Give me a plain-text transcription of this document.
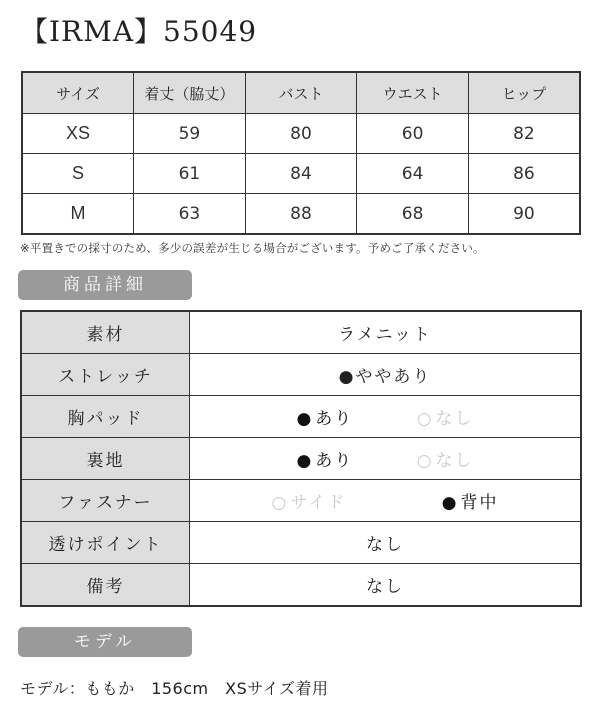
【IRMA】55049
サイズ	着丈（脇丈）	バスト	ウエスト	ヒップ
XS	59	80	60	82
S	61	84	64	86
M	63	88	68	90

※平置きでの採寸のため、多少の誤差が生じる場合がございます。予めご了承ください。

商品詳細
素材	ラメニット
ストレッチ	●ややあり
胸パッド	● あり ○ なし
裏地	● あり ○ なし
ファスナー	○ サイド ● 背中
透けポイント	なし
備考	なし
モデル

モデル：ももか　156cm　XSサイズ着用
